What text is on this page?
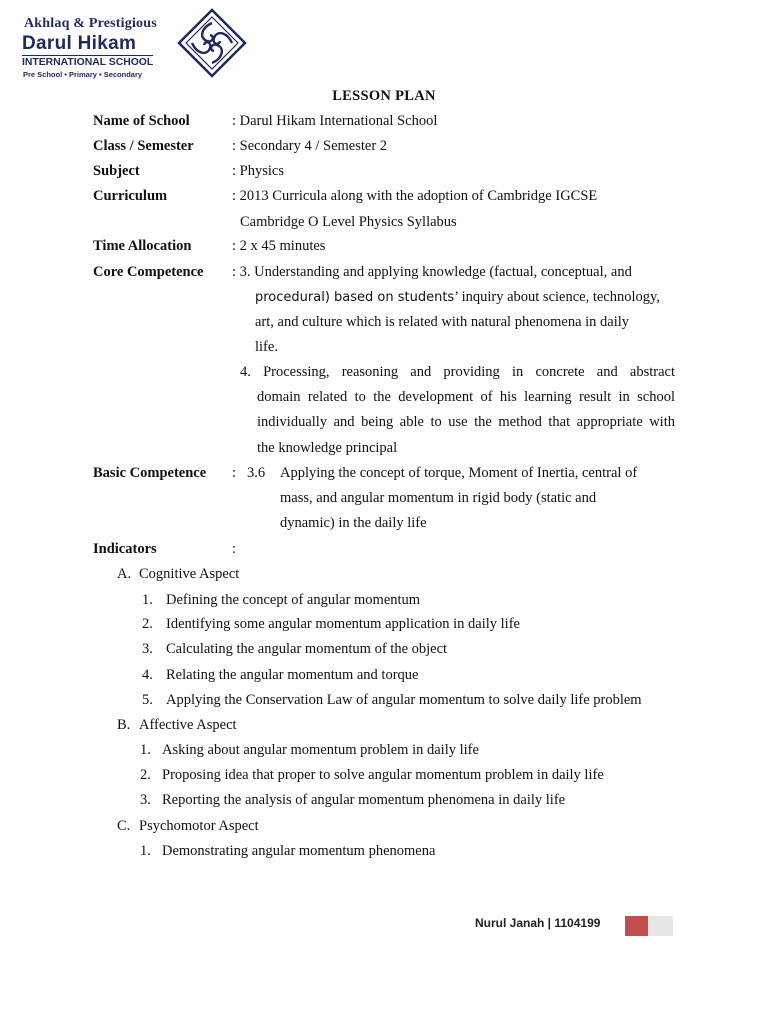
Akhlaq & Prestigious
Darul Hikam
INTERNATIONAL SCHOOL
Pre School • Primary • Secondary
LESSON PLAN
Name of School	: Darul Hikam International School
Class / Semester	: Secondary 4 / Semester 2
Subject	: Physics
Curriculum	: 2013 Curricula along with the adoption of Cambridge IGCSE
Cambridge O Level Physics Syllabus
Time Allocation	: 2 x 45 minutes
Core Competence : 3. Understanding and applying knowledge (factual, conceptual, and
procedural) based on students’ inquiry about science, technology,
art, and culture which is related with natural phenomena in daily
life.
4. Processing, reasoning and providing in concrete and abstract
domain related to the development of his learning result in school
individually and being able to use the method that appropriate with
the knowledge principal
Basic Competence : 3.6 Applying the concept of torque, Moment of Inertia, central of
mass, and angular momentum in rigid body (static and
dynamic) in the daily life
Indicators	:
A. Cognitive Aspect
1. Defining the concept of angular momentum
2. Identifying some angular momentum application in daily life
3. Calculating the angular momentum of the object
4. Relating the angular momentum and torque
5. Applying the Conservation Law of angular momentum to solve daily life problem
B. Affective Aspect
1. Asking about angular momentum problem in daily life
2. Proposing idea that proper to solve angular momentum problem in daily life
3. Reporting the analysis of angular momentum phenomena in daily life
C. Psychomotor Aspect
1. Demonstrating angular momentum phenomena
Nurul Janah | 1104199
